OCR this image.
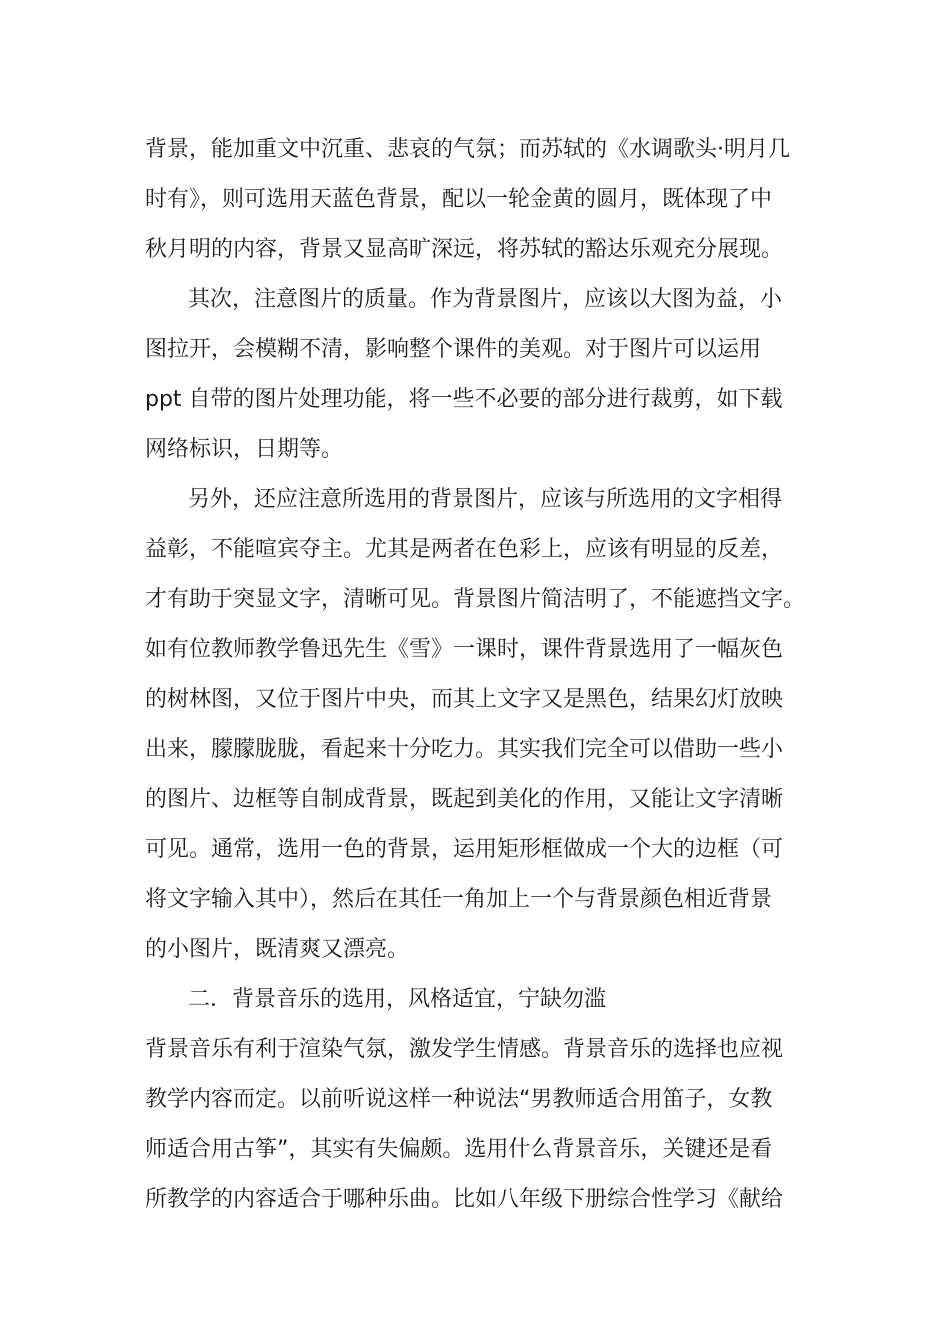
背景，能加重文中沉重、悲哀的气氛；而苏轼的《水调歌头·明月几
时有》，则可选用天蓝色背景，配以一轮金黄的圆月，既体现了中
秋月明的内容，背景又显高旷深远，将苏轼的豁达乐观充分展现。
其次，注意图片的质量。作为背景图片，应该以大图为益，小
图拉开，会模糊不清，影响整个课件的美观。对于图片可以运用
ppt 自带的图片处理功能，将一些不必要的部分进行裁剪，如下载
网络标识，日期等。
另外，还应注意所选用的背景图片，应该与所选用的文字相得
益彰，不能喧宾夺主。尤其是两者在色彩上，应该有明显的反差，
才有助于突显文字，清晰可见。背景图片简洁明了，不能遮挡文字。
如有位教师教学鲁迅先生《雪》一课时，课件背景选用了一幅灰色
的树林图，又位于图片中央，而其上文字又是黑色，结果幻灯放映
出来，朦朦胧胧，看起来十分吃力。其实我们完全可以借助一些小
的图片、边框等自制成背景，既起到美化的作用，又能让文字清晰
可见。通常，选用一色的背景，运用矩形框做成一个大的边框（可
将文字输入其中），然后在其任一角加上一个与背景颜色相近背景
的小图片，既清爽又漂亮。
二．背景音乐的选用，风格适宜，宁缺勿滥
背景音乐有利于渲染气氛，激发学生情感。背景音乐的选择也应视
教学内容而定。以前听说这样一种说法“男教师适合用笛子，女教
师适合用古筝”，其实有失偏颇。选用什么背景音乐，关键还是看
所教学的内容适合于哪种乐曲。比如八年级下册综合性学习《献给
